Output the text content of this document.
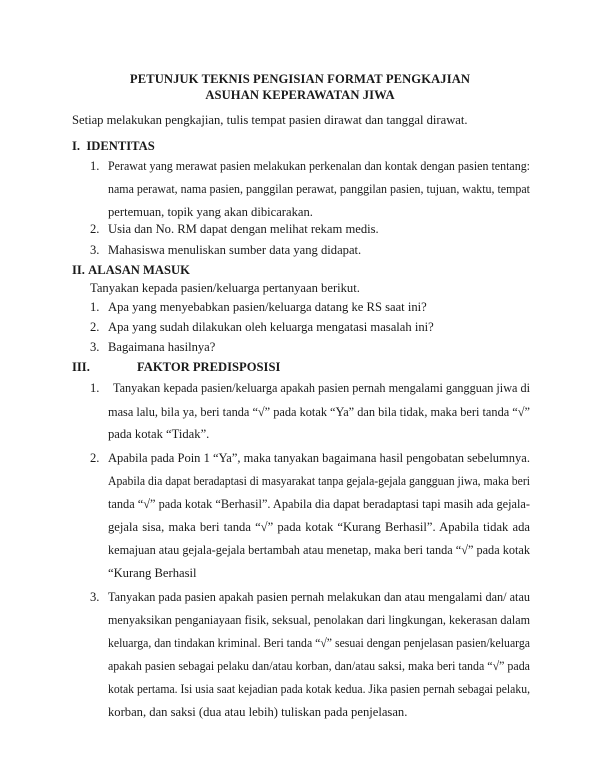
PETUNJUK TEKNIS PENGISIAN FORMAT PENGKAJIAN
ASUHAN KEPERAWATAN JIWA
Setiap melakukan pengkajian, tulis tempat pasien dirawat dan tanggal dirawat.
I. IDENTITAS
1. Perawat yang merawat pasien melakukan perkenalan dan kontak dengan pasien tentang:
nama perawat, nama pasien, panggilan perawat, panggilan pasien, tujuan, waktu, tempat
pertemuan, topik yang akan dibicarakan.
2. Usia dan No. RM dapat dengan melihat rekam medis.
3. Mahasiswa menuliskan sumber data yang didapat.
II. ALASAN MASUK
Tanyakan kepada pasien/keluarga pertanyaan berikut.
1. Apa yang menyebabkan pasien/keluarga datang ke RS saat ini?
2. Apa yang sudah dilakukan oleh keluarga mengatasi masalah ini?
3. Bagaimana hasilnya?
III.	FAKTOR PREDISPOSISI
1. Tanyakan kepada pasien/keluarga apakah pasien pernah mengalami gangguan jiwa di
masa lalu, bila ya, beri tanda “√” pada kotak “Ya” dan bila tidak, maka beri tanda “√”
pada kotak “Tidak”.
2. Apabila pada Poin 1 “Ya”, maka tanyakan bagaimana hasil pengobatan sebelumnya.
Apabila dia dapat beradaptasi di masyarakat tanpa gejala-gejala gangguan jiwa, maka beri
tanda “√” pada kotak “Berhasil”. Apabila dia dapat beradaptasi tapi masih ada gejala-
gejala sisa, maka beri tanda “√” pada kotak “Kurang Berhasil”. Apabila tidak ada
kemajuan atau gejala-gejala bertambah atau menetap, maka beri tanda “√” pada kotak
“Kurang Berhasil
3. Tanyakan pada pasien apakah pasien pernah melakukan dan atau mengalami dan/ atau
menyaksikan penganiayaan fisik, seksual, penolakan dari lingkungan, kekerasan dalam
keluarga, dan tindakan kriminal. Beri tanda “√” sesuai dengan penjelasan pasien/keluarga
apakah pasien sebagai pelaku dan/atau korban, dan/atau saksi, maka beri tanda “√” pada
kotak pertama. Isi usia saat kejadian pada kotak kedua. Jika pasien pernah sebagai pelaku,
korban, dan saksi (dua atau lebih) tuliskan pada penjelasan.
